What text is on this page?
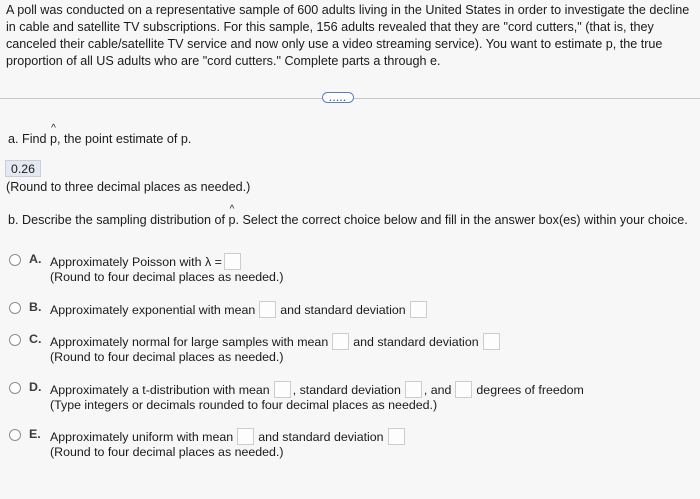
A poll was conducted on a representative sample of 600 adults living in the United States in order to investigate the decline
in cable and satellite TV subscriptions. For this sample, 156 adults revealed that they are "cord cutters," (that is, they
canceled their cable/satellite TV service and now only use a video streaming service). You want to estimate p, the true
proportion of all US adults who are "cord cutters." Complete parts a through e.
.....
a. Find ^ p, the point estimate of p.
0.26
(Round to three decimal places as needed.)
b. Describe the sampling distribution of ^ p. Select the correct choice below and fill in the answer box(es) within your choice.
A. Approximately Poisson with λ =
(Round to four decimal places as needed.)
B. Approximately exponential with mean and standard deviation
C. Approximately normal for large samples with mean and standard deviation
(Round to four decimal places as needed.)
D. Approximately a t-distribution with mean , standard deviation , and degrees of freedom
(Type integers or decimals rounded to four decimal places as needed.)
E. Approximately uniform with mean and standard deviation
(Round to four decimal places as needed.)
